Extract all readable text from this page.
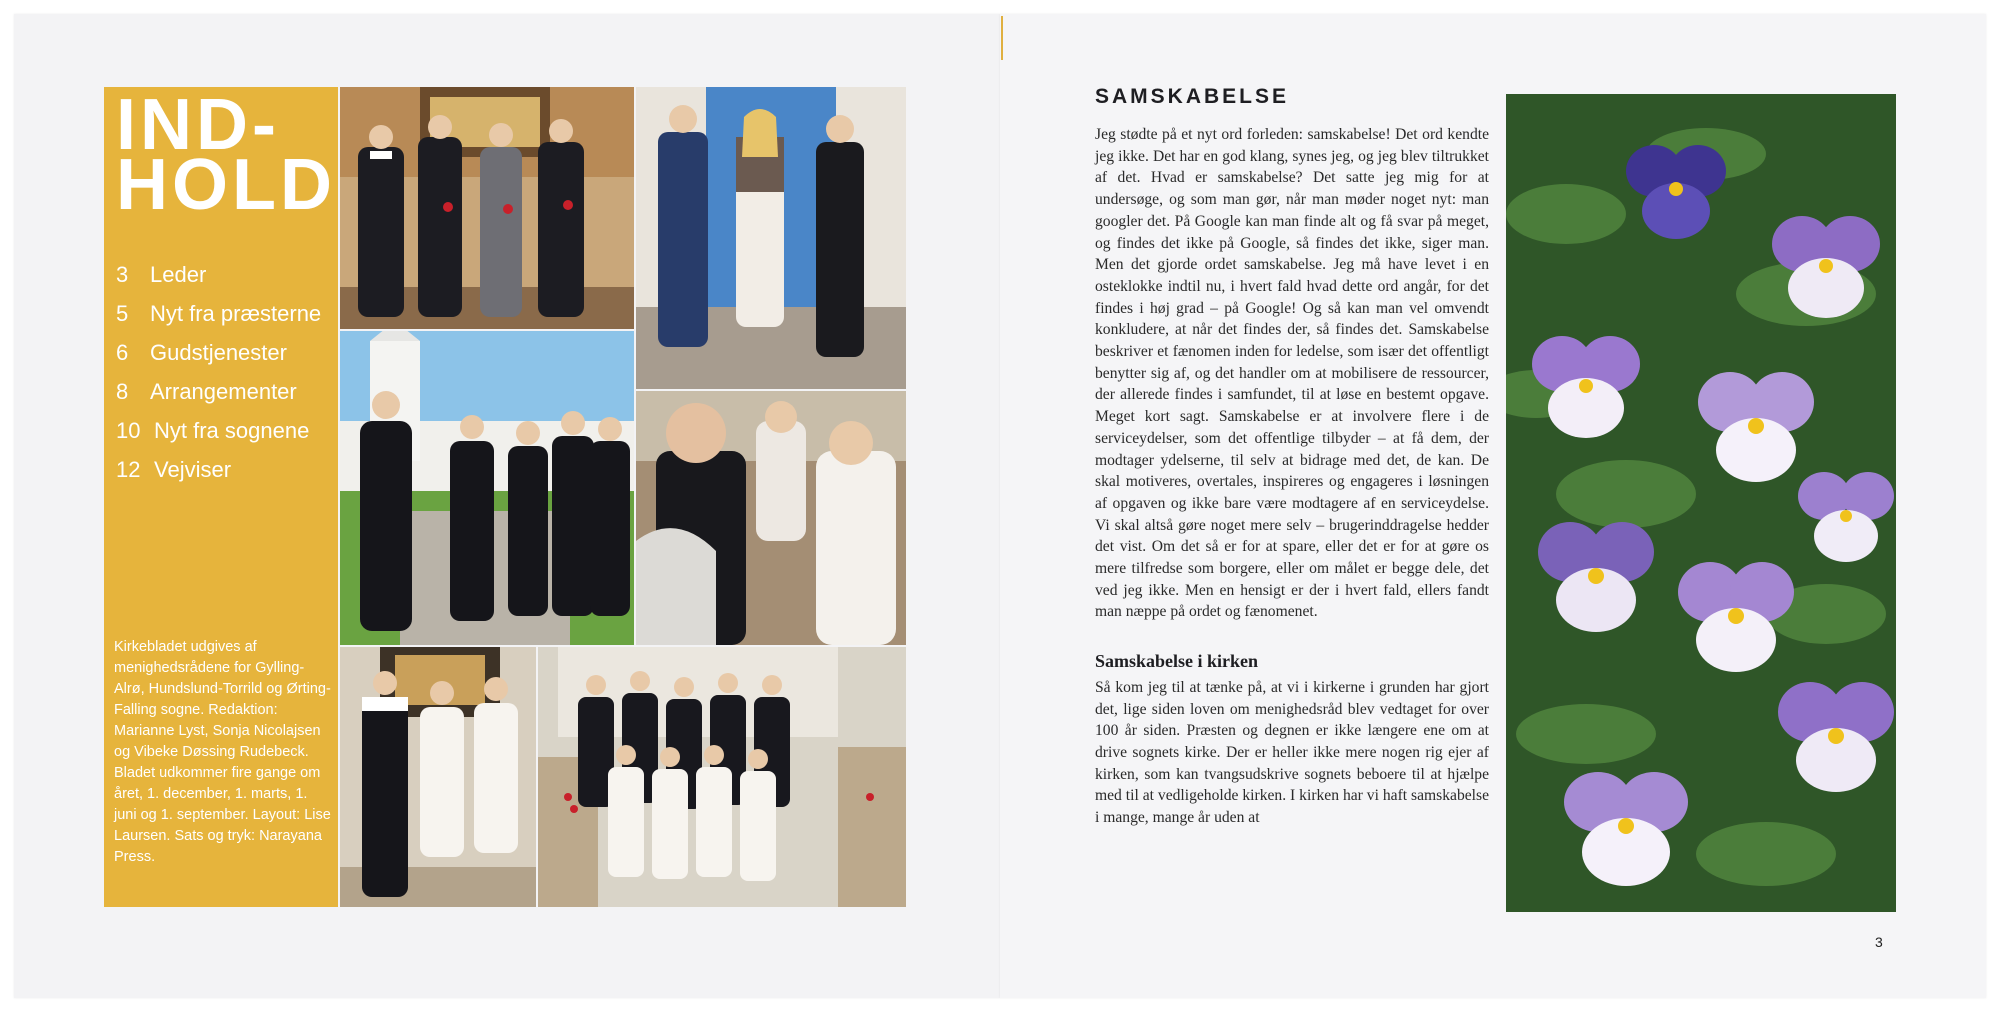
IND-
HOLD
3 Leder
5 Nyt fra præsterne
6 Gudstjenester
8 Arrangementer
10 Nyt fra sognene
12 Vejviser
Kirkebladet udgives af menighedsrådene for Gylling-Alrø, Hundslund-Torrild og Ørting-Falling sogne. Redaktion: Marianne Lyst, Sonja Nicolajsen og Vibeke Døssing Rudebeck. Bladet udkommer fire gange om året, 1. december, 1. marts, 1. juni og 1. september. Layout: Lise Laursen. Sats og tryk: Narayana Press.
SAMSKABELSE

Jeg stødte på et nyt ord forleden: samskabelse! Det ord kendte jeg ikke. Det har en god klang, synes jeg, og jeg blev tiltrukket af det. Hvad er samskabelse? Det satte jeg mig for at undersøge, og som man gør, når man møder noget nyt: man googler det. På Google kan man finde alt og få svar på meget, og findes det ikke på Google, så findes det ikke, siger man. Men det gjorde ordet samskabelse. Jeg må have levet i en osteklokke indtil nu, i hvert fald hvad dette ord angår, for det findes i høj grad – på Google! Og så kan man vel omvendt konkludere, at når det findes der, så findes det. Samskabelse beskriver et fænomen inden for ledelse, som især det offentligt benytter sig af, og det handler om at mobilisere de ressourcer, der allerede findes i samfundet, til at løse en bestemt opgave. Meget kort sagt. Samskabelse er at involvere flere i de serviceydelser, som det offentlige tilbyder – at få dem, der modtager ydelserne, til selv at bidrage med det, de kan. De skal motiveres, overtales, inspireres og engageres i løsningen af opgaven og ikke bare være modtagere af en serviceydelse. Vi skal altså gøre noget mere selv – brugerinddragelse hedder det vist. Om det så er for at spare, eller det er for at gøre os mere tilfredse som borgere, eller om målet er begge dele, det ved jeg ikke. Men en hensigt er der i hvert fald, ellers fandt man næppe på ordet og fænomenet.

Samskabelse i kirken

Så kom jeg til at tænke på, at vi i kirkerne i grunden har gjort det, lige siden loven om menighedsråd blev vedtaget for over 100 år siden. Præsten og degnen er ikke længere ene om at drive sognets kirke. Der er heller ikke mere nogen rig ejer af kirken, som kan tvangsudskrive sognets beboere til at hjælpe med til at vedligeholde kirken. I kirken har vi haft samskabelse i mange, mange år uden at

3
